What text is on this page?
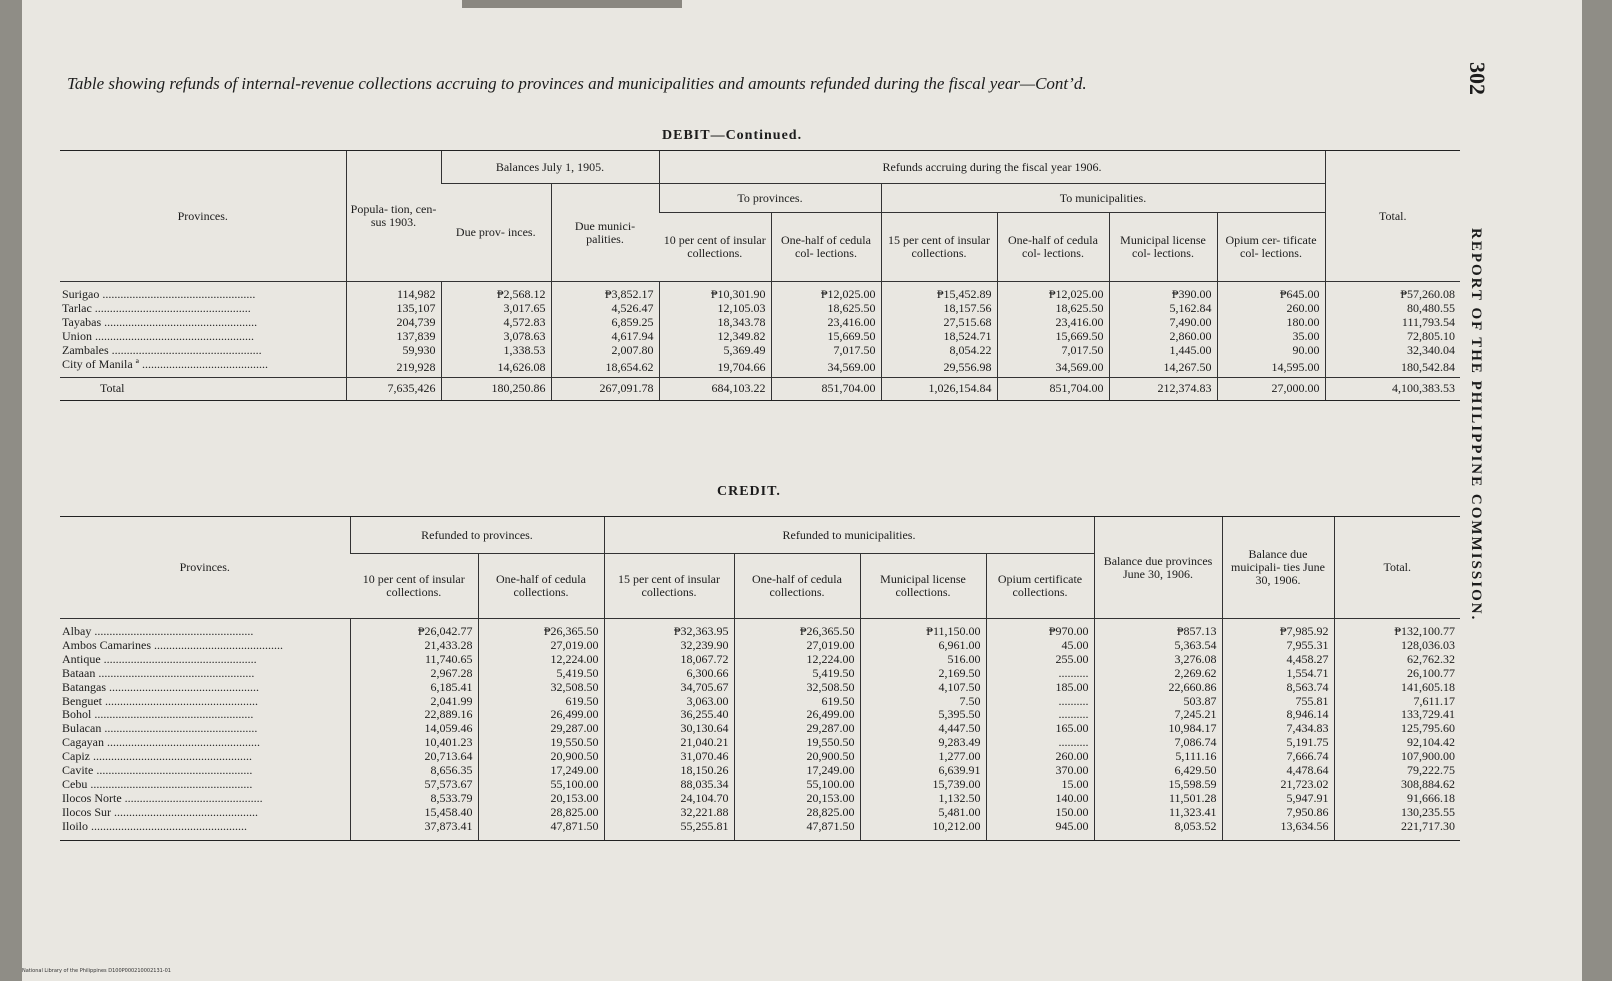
Table showing refunds of internal-revenue collections accruing to provinces and municipalities and amounts refunded during the fiscal year—Cont’d.	302
REPORT OF THE PHILIPPINE COMMISSION.
DEBIT—Continued.
Provinces.	Popula- tion, cen- sus 1903.	Balances July 1, 1905.		Refunds accruing during the fiscal year 1906.						Total.
		Due prov- inces.	Due munici- palities.	To provinces.		To municipalities.				
				10 per cent of insular collections.	One-half of cedula col- lections.	15 per cent of insular collections.	One-half of cedula col- lections.	Municipal license col- lections.	Opium cer- tificate col- lections.	
Surigao ...................................................	114,982	₱2,568.12	₱3,852.17	₱10,301.90	₱12,025.00	₱15,452.89	₱12,025.00	₱390.00	₱645.00	₱57,260.08
Tarlac ....................................................	135,107	3,017.65	4,526.47	12,105.03	18,625.50	18,157.56	18,625.50	5,162.84	260.00	80,480.55
Tayabas ...................................................	204,739	4,572.83	6,859.25	18,343.78	23,416.00	27,515.68	23,416.00	7,490.00	180.00	111,793.54
Union .....................................................	137,839	3,078.63	4,617.94	12,349.82	15,669.50	18,524.71	15,669.50	2,860.00	35.00	72,805.10
Zambales ..................................................	59,930	1,338.53	2,007.80	5,369.49	7,017.50	8,054.22	7,017.50	1,445.00	90.00	32,340.04
City of Manila ª ..........................................	219,928	14,626.08	18,654.62	19,704.66	34,569.00	29,556.98	34,569.00	14,267.50	14,595.00	180,542.84
Total	7,635,426	180,250.86	267,091.78	684,103.22	851,704.00	1,026,154.84	851,704.00	212,374.83	27,000.00	4,100,383.53
CREDIT.
Provinces.	Refunded to provinces.		Refunded to municipalities.				Balance due provinces June 30, 1906.	Balance due muicipali- ties June 30, 1906.	Total.
	10 per cent of insular collections.	One-half of cedula collections.	15 per cent of insular collections.	One-half of cedula collections.	Municipal license collections.	Opium certificate collections.			
Albay .....................................................	₱26,042.77	₱26,365.50	₱32,363.95	₱26,365.50	₱11,150.00	₱970.00	₱857.13	₱7,985.92	₱132,100.77
Ambos Camarines ...........................................	21,433.28	27,019.00	32,239.90	27,019.00	6,961.00	45.00	5,363.54	7,955.31	128,036.03
Antique ...................................................	11,740.65	12,224.00	18,067.72	12,224.00	516.00	255.00	3,276.08	4,458.27	62,762.32
Bataan ....................................................	2,967.28	5,419.50	6,300.66	5,419.50	2,169.50	..........	2,269.62	1,554.71	26,100.77
Batangas ..................................................	6,185.41	32,508.50	34,705.67	32,508.50	4,107.50	185.00	22,660.86	8,563.74	141,605.18
Benguet ...................................................	2,041.99	619.50	3,063.00	619.50	7.50	..........	503.87	755.81	7,611.17
Bohol .....................................................	22,889.16	26,499.00	36,255.40	26,499.00	5,395.50	..........	7,245.21	8,946.14	133,729.41
Bulacan ...................................................	14,059.46	29,287.00	30,130.64	29,287.00	4,447.50	165.00	10,984.17	7,434.83	125,795.60
Cagayan ...................................................	10,401.23	19,550.50	21,040.21	19,550.50	9,283.49	..........	7,086.74	5,191.75	92,104.42
Capiz .....................................................	20,713.64	20,900.50	31,070.46	20,900.50	1,277.00	260.00	5,111.16	7,666.74	107,900.00
Cavite ....................................................	8,656.35	17,249.00	18,150.26	17,249.00	6,639.91	370.00	6,429.50	4,478.64	79,222.75
Cebu ......................................................	57,573.67	55,100.00	88,035.34	55,100.00	15,739.00	15.00	15,598.59	21,723.02	308,884.62
Ilocos Norte ..............................................	8,533.79	20,153.00	24,104.70	20,153.00	1,132.50	140.00	11,501.28	5,947.91	91,666.18
Ilocos Sur ................................................	15,458.40	28,825.00	32,221.88	28,825.00	5,481.00	150.00	11,323.41	7,950.86	130,235.55
Iloilo ....................................................	37,873.41	47,871.50	55,255.81	47,871.50	10,212.00	945.00	8,053.52	13,634.56	221,717.30
National Library of the Philippines D100P000210002131-01
